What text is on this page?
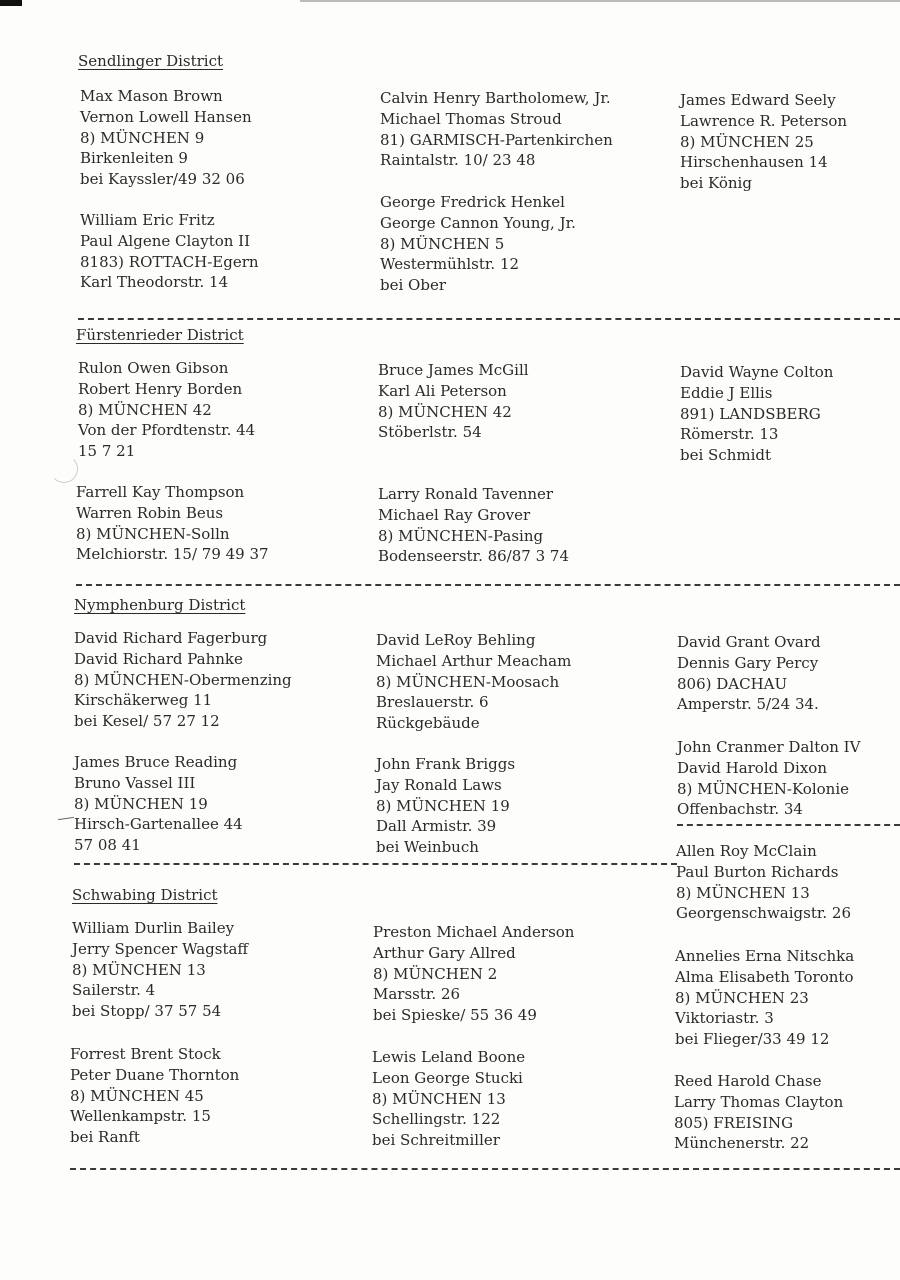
Sendlinger District
Max Mason Brown
Vernon Lowell Hansen
8) MÜNCHEN 9
Birkenleiten 9
bei Kayssler/49 32 06
William Eric Fritz
Paul Algene Clayton II
8183) ROTTACH-Egern
Karl Theodorstr. 14
Calvin Henry Bartholomew, Jr.
Michael Thomas Stroud
81) GARMISCH-Partenkirchen
Raintalstr. 10/ 23 48
George Fredrick Henkel
George Cannon Young, Jr.
8) MÜNCHEN 5
Westermühlstr. 12
bei Ober
James Edward Seely
Lawrence R. Peterson
8) MÜNCHEN 25
Hirschenhausen 14
bei König
Fürstenrieder District
Rulon Owen Gibson
Robert Henry Borden
8) MÜNCHEN 42
Von der Pfordtenstr. 44
15 7 21
Farrell Kay Thompson
Warren Robin Beus
8) MÜNCHEN-Solln
Melchiorstr. 15/ 79 49 37
Bruce James McGill
Karl Ali Peterson
8) MÜNCHEN 42
Stöberlstr. 54
Larry Ronald Tavenner
Michael Ray Grover
8) MÜNCHEN-Pasing
Bodenseerstr. 86/87 3 74
David Wayne Colton
Eddie J Ellis
891) LANDSBERG
Römerstr. 13
bei Schmidt
Nymphenburg District
David Richard Fagerburg
David Richard Pahnke
8) MÜNCHEN-Obermenzing
Kirschäkerweg 11
bei Kesel/ 57 27 12
James Bruce Reading
Bruno Vassel III
8) MÜNCHEN 19
Hirsch-Gartenallee 44
57 08 41
David LeRoy Behling
Michael Arthur Meacham
8) MÜNCHEN-Moosach
Breslauerstr. 6
Rückgebäude
John Frank Briggs
Jay Ronald Laws
8) MÜNCHEN 19
Dall Armistr. 39
bei Weinbuch
David Grant Ovard
Dennis Gary Percy
806) DACHAU
Amperstr. 5/24 34.
John Cranmer Dalton IV
David Harold Dixon
8) MÜNCHEN-Kolonie
Offenbachstr. 34
Schwabing District
William Durlin Bailey
Jerry Spencer Wagstaff
8) MÜNCHEN 13
Sailerstr. 4
bei Stopp/ 37 57 54
Forrest Brent Stock
Peter Duane Thornton
8) MÜNCHEN 45
Wellenkampstr. 15
bei Ranft
Preston Michael Anderson
Arthur Gary Allred
8) MÜNCHEN 2
Marsstr. 26
bei Spieske/ 55 36 49
Lewis Leland Boone
Leon George Stucki
8) MÜNCHEN 13
Schellingstr. 122
bei Schreitmiller
Allen Roy McClain
Paul Burton Richards
8) MÜNCHEN 13
Georgenschwaigstr. 26
Annelies Erna Nitschka
Alma Elisabeth Toronto
8) MÜNCHEN 23
Viktoriastr. 3
bei Flieger/33 49 12
Reed Harold Chase
Larry Thomas Clayton
805) FREISING
Münchenerstr. 22
